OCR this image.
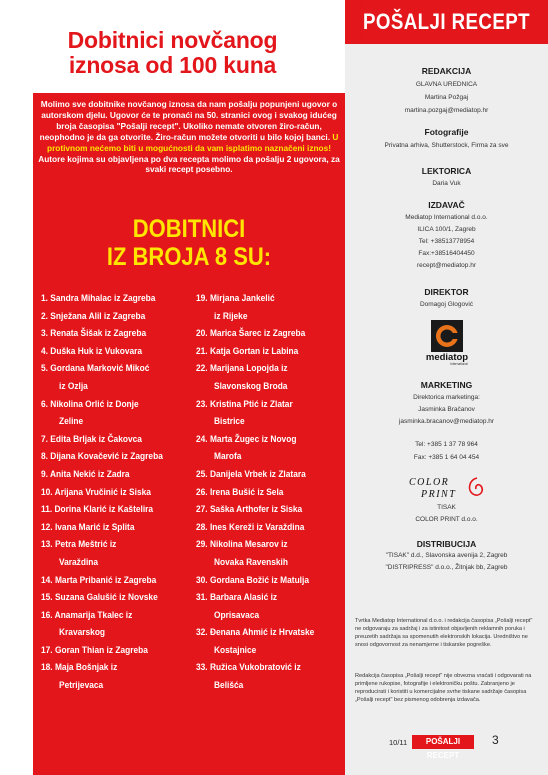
Dobitnici novčanog
iznosa od 100 kuna
Molimo sve dobitnike novčanog iznosa da nam pošalju popunjeni ugovor o autorskom djelu. Ugovor će te pronaći na 50. stranici ovog i svakog idućeg broja časopisa "Pošalji recept". Ukoliko nemate otvoren žiro-račun, neophodno je da ga otvorite. Žiro-račun možete otvoriti u bilo kojoj banci. U protivnom nećemo biti u mogućnosti da vam isplatimo naznačeni iznos!
Autore kojima su objavljena po dva recepta molimo da pošalju 2 ugovora, za svaki recept posebno.
DOBITNICI
IZ BROJA 8 SU:
1. Sandra Mihalac iz Zagreba
2. Snježana Alil iz Zagreba
3. Renata Šišak iz Zagreba
4. Duška Huk iz Vukovara
5. Gordana Marković Mikoć
iz Ozlja
6. Nikolina Orlić iz Donje
Zeline
7. Edita Brljak iz Čakovca
8. Dijana Kovačević iz Zagreba
9. Anita Nekić iz Zadra
10. Arijana Vručinić iz Siska
11. Dorina Klarić iz Kaštelira
12. Ivana Marić iz Splita
13. Petra Meštrić iz
Varaždina
14. Marta Pribanić iz Zagreba
15. Suzana Galušić iz Novske
16. Anamarija Tkalec iz
Kravarskog
17. Goran Thian iz Zagreba
18. Maja Bošnjak iz
Petrijevaca
19. Mirjana Jankelić
iz Rijeke
20. Marica Šarec iz Zagreba
21. Katja Gortan iz Labina
22. Marijana Lopojda iz
Slavonskog Broda
23. Kristina Ptić iz Zlatar
Bistrice
24. Marta Žugec iz Novog
Marofa
25. Danijela Vrbek iz Zlatara
26. Irena Bušić iz Sela
27. Saška Arthofer iz Siska
28. Ines Kereži iz Varaždina
29. Nikolina Mesarov iz
Novaka Ravenskih
30. Gordana Božić iz Matulja
31. Barbara Alasić iz
Oprisavaca
32. Đenana Ahmić iz Hrvatske
Kostajnice
33. Ružica Vukobratović iz
Belišća
POŠALJI RECEPT
REDAKCIJA
GLAVNA UREDNICA
Martina Požgaj
martina.pozgaj@mediatop.hr
Fotografije
Privatna arhiva, Shutterstock, Firma za sve
LEKTORICA
Daria Vuk
IZDAVAČ
Mediatop International d.o.o.
ILICA 100/1, Zagreb
Tel: +38513778954
Fax:+38516404450
recept@mediatop.hr
DIREKTOR
Domagoj Glogović
mediatop
International
MARKETING
Direktorica marketinga:
Jasminka Bračanov
jasminka.bracanov@mediatop.hr
Tel: +385 1 37 78 964
Fax: +385 1 64 04 454
COLOR
PRINT
TISAK
COLOR PRINT d.o.o.
DISTRIBUCIJA
"TISAK" d.d., Slavonska avenija 2, Zagreb
"DISTRIPRESS" d.o.o., Žitnjak bb, Zagreb
Tvrtka Mediatop International d.o.o. i redakcija časopisa „Pošalji recept" ne odgovaraju za sadržaj i za istinitost objavljenih reklamnih poruka i preuzetih sadržaja sa spomenutih elektronskih lokacija. Uredništvo ne snosi odgovornost za nenamjerne i tiskarske pogreške.
Redakcija časopisa „Pošalji recept" nije obvezna vraćati i odgovarati na primljene rukopise, fotografije i elektroničku poštu. Zabranjeno je reproducirati i koristiti u komercijalne svrhe tiskane sadržaje časopisa „Pošalji recept" bez pismenog odobrenja izdavača.
10/11	POŠALJI RECEPT
3
